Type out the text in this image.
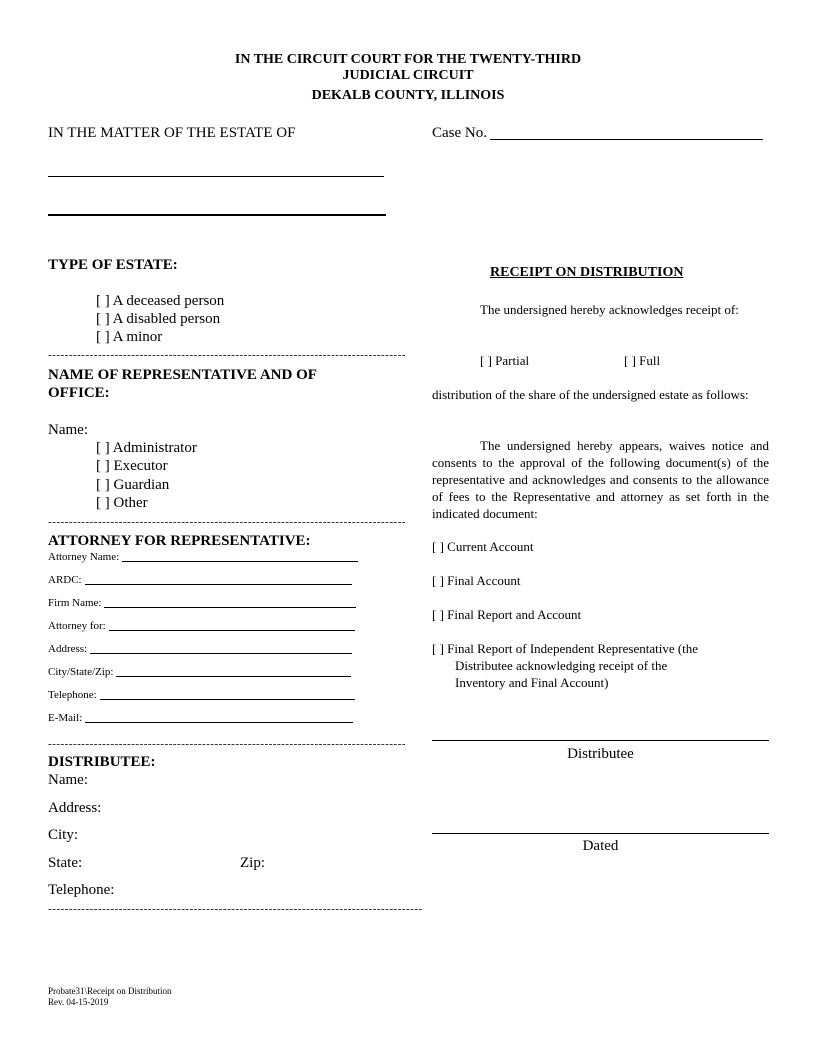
IN THE CIRCUIT COURT FOR THE TWENTY-THIRD
JUDICIAL CIRCUIT
DEKALB COUNTY, ILLINOIS
IN THE MATTER OF THE ESTATE OF	Case No.
TYPE OF ESTATE:
[ ] A deceased person
[ ] A disabled person
[ ] A minor
--------------------------------------------------------------------------------------
NAME OF REPRESENTATIVE AND OF
OFFICE:
Name:
[ ] Administrator
[ ] Executor
[ ] Guardian
[ ] Other
--------------------------------------------------------------------------------------
ATTORNEY FOR REPRESENTATIVE:
Attorney Name:
ARDC:
Firm Name:
Attorney for:
Address:
City/State/Zip:
Telephone:
E-Mail:
--------------------------------------------------------------------------------------
DISTRIBUTEE:
Name:
Address:
City:
State:	Zip:
Telephone:
------------------------------------------------------------------------------------------
RECEIPT ON DISTRIBUTION
The undersigned hereby acknowledges receipt of:
[ ] Partial	[ ] Full
distribution of the share of the undersigned estate as follows:
The undersigned hereby appears, waives notice and consents to the approval of the following document(s) of the representative and acknowledges and consents to the allowance of fees to the Representative and attorney as set forth in the indicated document:
[ ] Current Account
[ ] Final Account
[ ] Final Report and Account
[ ] Final Report of Independent Representative (the
Distributee acknowledging receipt of the
Inventory and Final Account)
Distributee
Dated
Probate31\Receipt on Distribution
Rev. 04-15-2019
